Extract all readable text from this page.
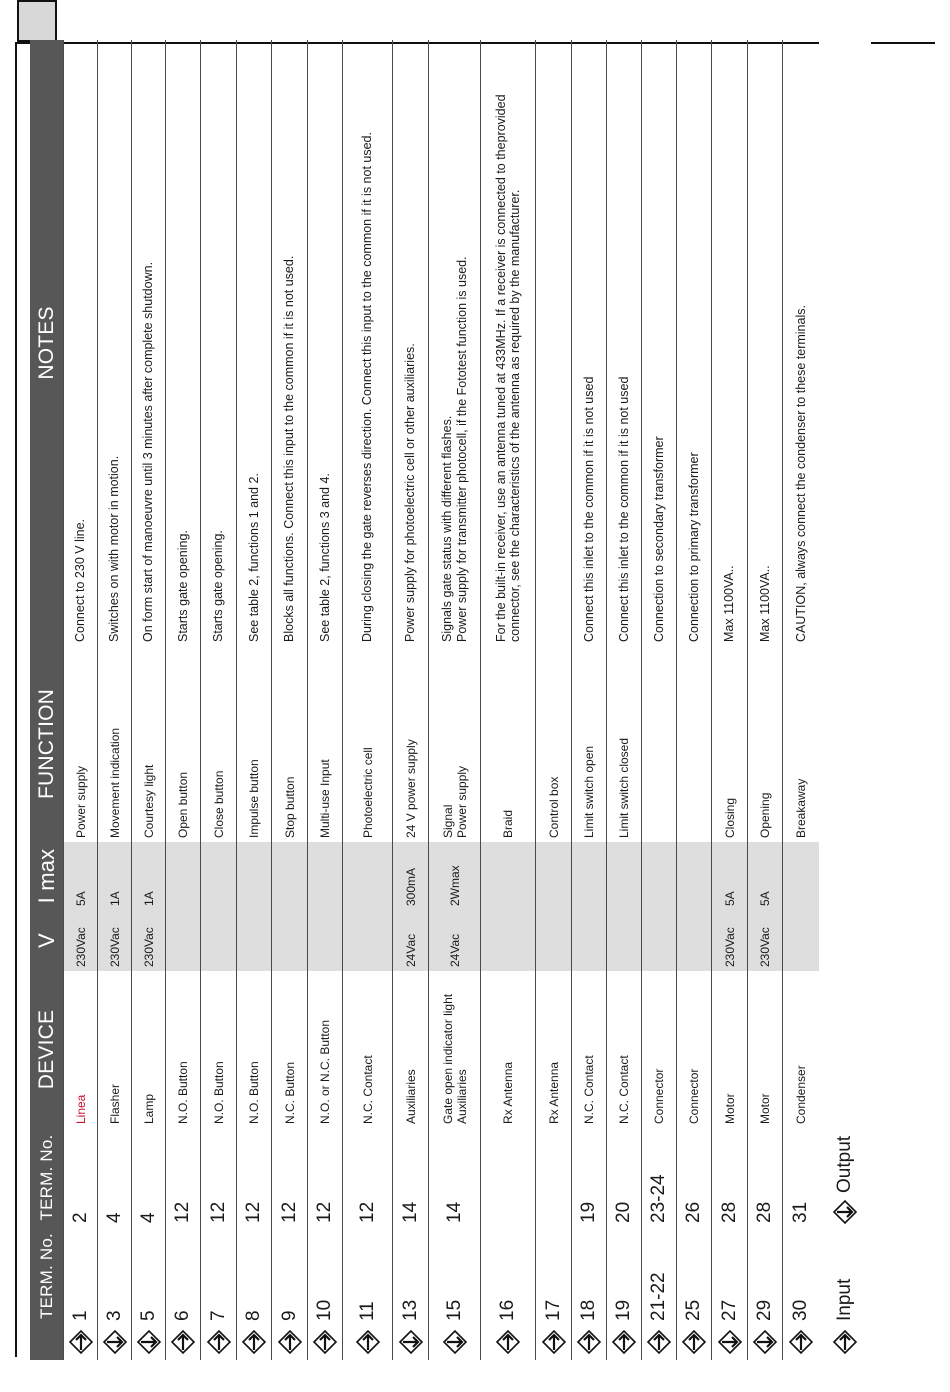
	TERM. No.	TERM. No.	DEVICE	V	I max	FUNCTION	NOTES

	1	2	Linea	230Vac	5A	Power supply	Connect to 230 V line.

	3	4	Flasher	230Vac	1A	Movement indication	Switches on with motor in motion.

	5	4	Lamp	230Vac	1A	Courtesy light	On form start of manoeuvre until 3 minutes after complete shutdown.

	6	12	N.O. Button			Open button	Starts gate opening.

	7	12	N.O. Button			Close button	Starts gate opening.

	8	12	N.O. Button			Impulse button	See table 2, functions 1 and 2.

	9	12	N.C. Button			Stop button	Blocks all functions. Connect this input to the common if it is not used.

	10	12	N.O. or N.C. Button			Multi-use Input	See table 2, functions 3 and 4.

	11	12	N.C. Contact			Photoelectric cell	During closing the gate reverses direction. Connect this input to the common if it is not used.

	13	14	Auxiliaries	24Vac	300mA	24 V power supply	Power supply for photoelectric cell or other auxiliaries.

	15	14	Gate open indicator light Auxiliaries	24Vac	2Wmax	Signal Power supply	Signals gate status with different flashes. Power supply for transmitter photocell, if the Fototest function is used.

	16		Rx Antenna			Braid	For the built-in receiver, use an antenna tuned at 433MHz. If a receiver is connected to theprovided connector, see the characteristics of the antenna as required by the manufacturer.

	17		Rx Antenna			Control box	

	18	19	N.C. Contact			Limit switch open	Connect this inlet to the common if it is not used

	19	20	N.C. Contact			Limit switch closed	Connect this inlet to the common if it is not used

	21-22	23-24	Connector				Connection to secondary transformer

	25	26	Connector				Connection to primary transformer

	27	28	Motor	230Vac	5A	Closing	Max 1100VA..

	29	28	Motor	230Vac	5A	Opening	Max 1100VA..

	30	31	Condenser			Breakaway	CAUTION, always connect the condenser to these terminals.

	Input	Output					
